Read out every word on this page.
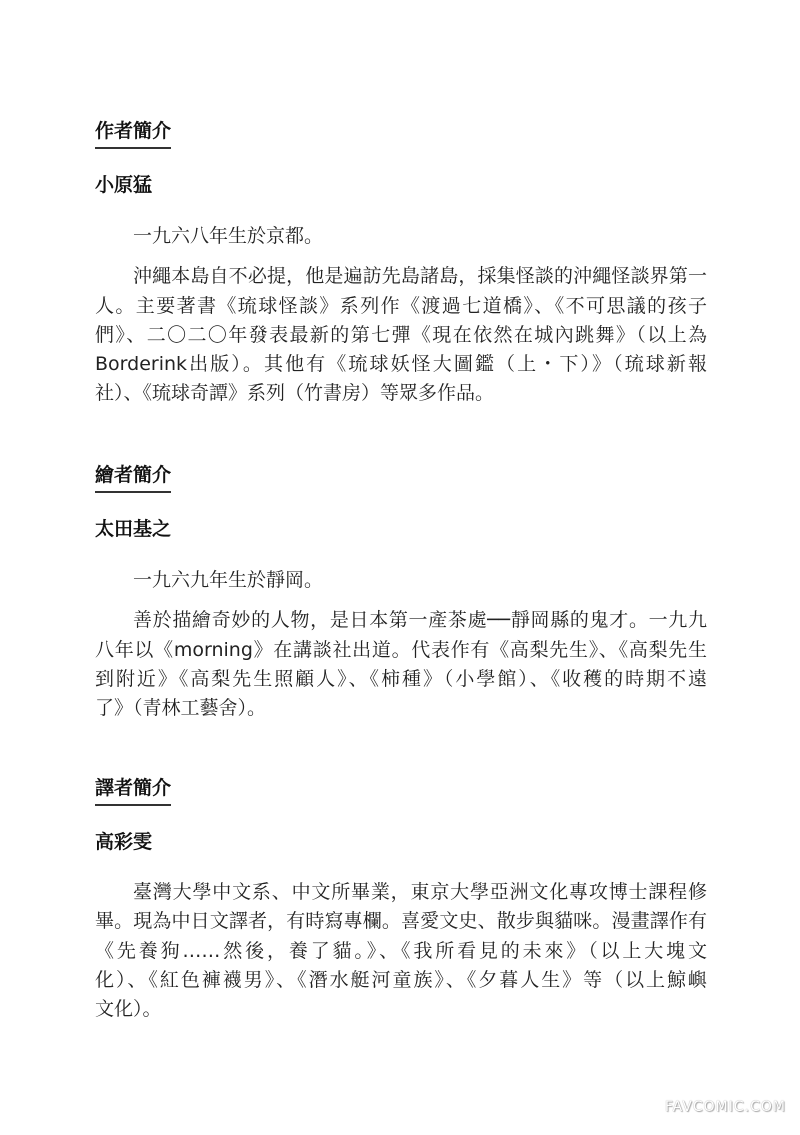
作者簡介
小原猛
一九六八年生於京都。
沖繩本島自不必提，他是遍訪先島諸島，採集怪談的沖繩怪談界第一
人。主要著書《琉球怪談》系列作《渡過七道橋》、《不可思議的孩子
們》、二〇二〇年發表最新的第七彈《現在依然在城內跳舞》（以上為
Borderink出版）。其他有《琉球妖怪大圖鑑（上・下）》（琉球新報
社）、《琉球奇譚》系列（竹書房）等眾多作品。
繪者簡介
太田基之
一九六九年生於靜岡。
善於描繪奇妙的人物，是日本第一產茶處──靜岡縣的鬼才。一九九
八年以《morning》在講談社出道。代表作有《高梨先生》、《高梨先生
到附近》《高梨先生照顧人》、《柿種》（小學館）、《收穫的時期不遠
了》（青林工藝舍）。
譯者簡介
高彩雯
臺灣大學中文系、中文所畢業，東京大學亞洲文化專攻博士課程修
畢。現為中日文譯者，有時寫專欄。喜愛文史、散步與貓咪。漫畫譯作有
《先養狗……然後，養了貓。》、《我所看見的未來》（以上大塊文
化）、《紅色褲襪男》、《潛水艇河童族》、《夕暮人生》等（以上鯨嶼
文化）。
FAVCOMIC.COM
